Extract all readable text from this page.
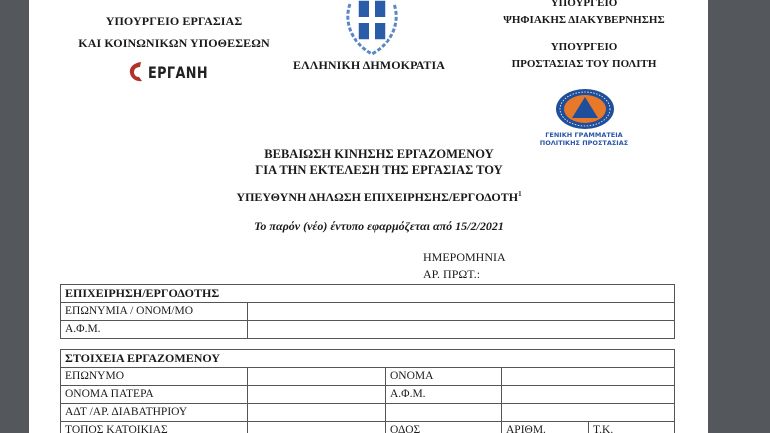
ΥΠΟΥΡΓΕΙΟ ΕΡΓΑΣΙΑΣ
ΚΑΙ ΚΟΙΝΩΝΙΚΩΝ ΥΠΟΘΕΣΕΩΝ
ΕΡΓΑΝΗ	ΕΛΛΗΝΙΚΗ ΔΗΜΟΚΡΑΤΙΑ
ΥΠΟΥΡΓΕΙΟ
ΨΗΦΙΑΚΗΣ ΔΙΑΚΥΒΕΡΝΗΣΗΣ
ΥΠΟΥΡΓΕΙΟ
ΠΡΟΣΤΑΣΙΑΣ ΤΟΥ ΠΟΛΙΤΗ
ΓΕΝΙΚΗ ΓΡΑΜΜΑΤΕΙΑ
ΠΟΛΙΤΙΚΗΣ ΠΡΟΣΤΑΣΙΑΣ
ΒΕΒΑΙΩΣΗ ΚΙΝΗΣΗΣ ΕΡΓΑΖΟΜΕΝΟΥ
ΓΙΑ ΤΗΝ ΕΚΤΕΛΕΣΗ ΤΗΣ ΕΡΓΑΣΙΑΣ ΤΟΥ
ΥΠΕΥΘΥΝΗ ΔΗΛΩΣΗ ΕΠΙΧΕΙΡΗΣΗΣ/ΕΡΓΟΔΟΤΗ$^1$
Το παρόν (νέο) έντυπο εφαρμόζεται από 15/2/2021
ΗΜΕΡΟΜΗΝΙΑ
ΑΡ. ΠΡΩΤ.:
ΕΠΙΧΕΙΡΗΣΗ/ΕΡΓΟΔΟΤΗΣ	
ΕΠΩΝΥΜΙΑ / ΟΝΟΜ/ΜΟ	
Α.Φ.Μ.	
ΣΤΟΙΧΕΙΑ ΕΡΓΑΖΟΜΕΝΟΥ				
ΕΠΩΝΥΜΟ		ΟΝΟΜΑ		
ΟΝΟΜΑ ΠΑΤΕΡΑ		Α.Φ.Μ.		
ΑΔΤ /ΑΡ. ΔΙΑΒΑΤΗΡΙΟΥ				
ΤΟΠΟΣ ΚΑΤΟΙΚΙΑΣ		ΟΔΟΣ	ΑΡΙΘΜ.	Τ.Κ.
